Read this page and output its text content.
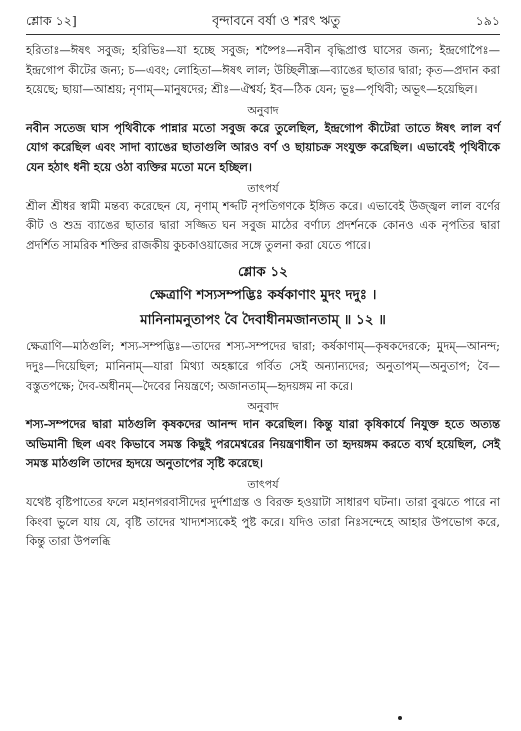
শ্লোক ১২]	বৃন্দাবনে বর্ষা ও শরৎ ঋতু	১৯১

হরিতাঃ—ঈষৎ সবুজ; হরিভিঃ—যা হচ্ছে সবুজ; শষ্পৈঃ—নবীন বৃদ্ধিপ্রাপ্ত ঘাসের জন্য; ইন্দ্রগোপৈঃ—ইন্দ্রগোপ কীটের জন্য; চ—এবং; লোহিতা—ঈষৎ লাল; উচ্ছিলীন্ধ্র—ব্যাঙের ছাতার দ্বারা; কৃত—প্রদান করা হয়েছে; ছায়া—আশ্রয়; নৃণাম্—মানুষদের; শ্রীঃ—ঐশ্বর্য; ইব—ঠিক যেন; ভূঃ—পৃথিবী; অভূৎ—হয়েছিল।

অনুবাদ

নবীন সতেজ ঘাস পৃথিবীকে পান্নার মতো সবুজ করে তুলেছিল, ইন্দ্রগোপ কীটেরা তাতে ঈষৎ লাল বর্ণ যোগ করেছিল এবং সাদা ব্যাঙের ছাতাগুলি আরও বর্ণ ও ছায়াচক্র সংযুক্ত করেছিল। এভাবেই পৃথিবীকে যেন হঠাৎ ধনী হয়ে ওঠা ব্যক্তির মতো মনে হচ্ছিল।

তাৎপর্য

শ্রীল শ্রীধর স্বামী মন্তব্য করেছেন যে, নৃণাম্ শব্দটি নৃপতিগণকে ইঙ্গিত করে। এভাবেই উজ্জ্বল লাল বর্ণের কীট ও শুভ্র ব্যাঙের ছাতার দ্বারা সজ্জিত ঘন সবুজ মাঠের বর্ণাঢ্য প্রদর্শনকে কোনও এক নৃপতির দ্বারা প্রদর্শিত সামরিক শক্তির রাজকীয় কুচকাওয়াজের সঙ্গে তুলনা করা যেতে পারে।

শ্লোক ১২
ক্ষেত্রাণি শস্যসম্পদ্ভিঃ কর্ষকাণাং মুদং দদুঃ ।
মানিনামনুতাপং বৈ দৈবাধীনমজানতাম্ ॥ ১২ ॥

ক্ষেত্রাণি—মাঠগুলি; শস্য-সম্পদ্ভিঃ—তাদের শস্য-সম্পদের দ্বারা; কর্ষকাণাম্—কৃষকদেরকে; মুদম্—আনন্দ; দদুঃ—দিয়েছিল; মানিনাম্—যারা মিথ্যা অহঙ্কারে গর্বিত সেই অন্যান্যদের; অনুতাপম্—অনুতাপ; বৈ—বস্তুতপক্ষে; দৈব-অধীনম্—দৈবের নিয়ন্ত্রণে; অজানতাম্—হৃদয়ঙ্গম না করে।

অনুবাদ

শস্য-সম্পদের দ্বারা মাঠগুলি কৃষকদের আনন্দ দান করেছিল। কিন্তু যারা কৃষিকার্যে নিযুক্ত হতে অত্যন্ত অভিমানী ছিল এবং কিভাবে সমস্ত কিছুই পরমেশ্বরের নিয়ন্ত্রণাধীন তা হৃদয়ঙ্গম করতে ব্যর্থ হয়েছিল, সেই সমস্ত মাঠগুলি তাদের হৃদয়ে অনুতাপের সৃষ্টি করেছে।

তাৎপর্য

যথেষ্ট বৃষ্টিপাতের ফলে মহানগরবাসীদের দুর্দশাগ্রস্ত ও বিরক্ত হওয়াটা সাধারণ ঘটনা। তারা বুঝতে পারে না কিংবা ভুলে যায় যে, বৃষ্টি তাদের খাদ্যশস্যকেই পুষ্ট করে। যদিও তারা নিঃসন্দেহে আহার উপভোগ করে, কিন্তু তারা উপলব্ধি
